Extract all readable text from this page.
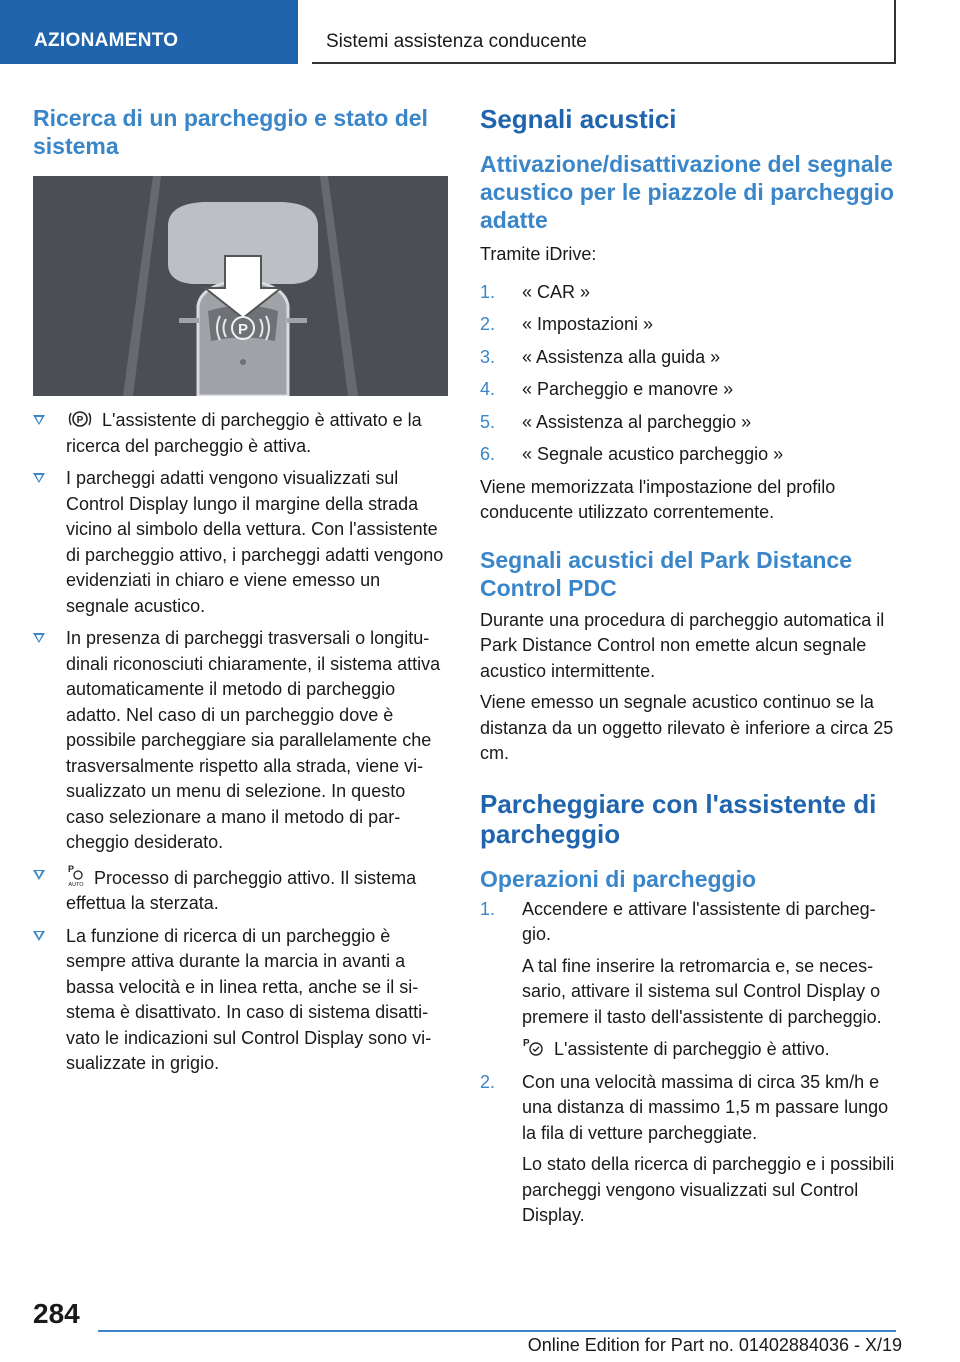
AZIONAMENTO	Sistemi assistenza conducente
Ricerca di un parcheggio e stato del sistema
P
P L'assistente di parcheggio è attivato e la ricerca del parcheggio è attiva.
I parcheggi adatti vengono visualizzati sul Control Display lungo il margine della strada vicino al simbolo della vettura. Con l'assistente di parcheggio attivo, i parcheggi adatti vengono evidenziati in chiaro e viene emesso un segnale acustico.
In presenza di parcheggi trasversali o longitudinali riconosciuti chiaramente, il sistema attiva automaticamente il metodo di parcheggio adatto. Nel caso di un parcheggio dove è possibile parcheggiare sia parallelamente che trasversalmente rispetto alla strada, viene visualizzato un menu di selezione. In questo caso selezionare a mano il metodo di parcheggio desiderato.
P
AUTO Processo di parcheggio attivo. Il sistema effettua la sterzata.
La funzione di ricerca di un parcheggio è sempre attiva durante la marcia in avanti a bassa velocità e in linea retta, anche se il sistema è disattivato. In caso di sistema disattivato le indicazioni sul Control Display sono visualizzate in grigio.
Segnali acustici
Attivazione/disattivazione del segnale acustico per le piazzole di parcheggio adatte

Tramite iDrive:

1. « CAR »
2. « Impostazioni »
3. « Assistenza alla guida »
4. « Parcheggio e manovre »
5. « Assistenza al parcheggio »
6. « Segnale acustico parcheggio »

Viene memorizzata l'impostazione del profilo conducente utilizzato correntemente.

Segnali acustici del Park Distance Control PDC

Durante una procedura di parcheggio automatica il Park Distance Control non emette alcun segnale acustico intermittente.

Viene emesso un segnale acustico continuo se la distanza da un oggetto rilevato è inferiore a circa 25 cm.

Parcheggiare con l'assistente di parcheggio
Operazioni di parcheggio
1. Accendere e attivare l'assistente di parcheggio.

A tal fine inserire la retromarcia e, se necessario, attivare il sistema sul Control Display o premere il tasto dell'assistente di parcheggio.

P L'assistente di parcheggio è attivo.

2. Con una velocità massima di circa 35 km/h e una distanza di massimo 1,5 m passare lungo la fila di vetture parcheggiate.

Lo stato della ricerca di parcheggio e i possibili parcheggi vengono visualizzati sul Control Display.

284
Online Edition for Part no. 01402884036 - X/19
